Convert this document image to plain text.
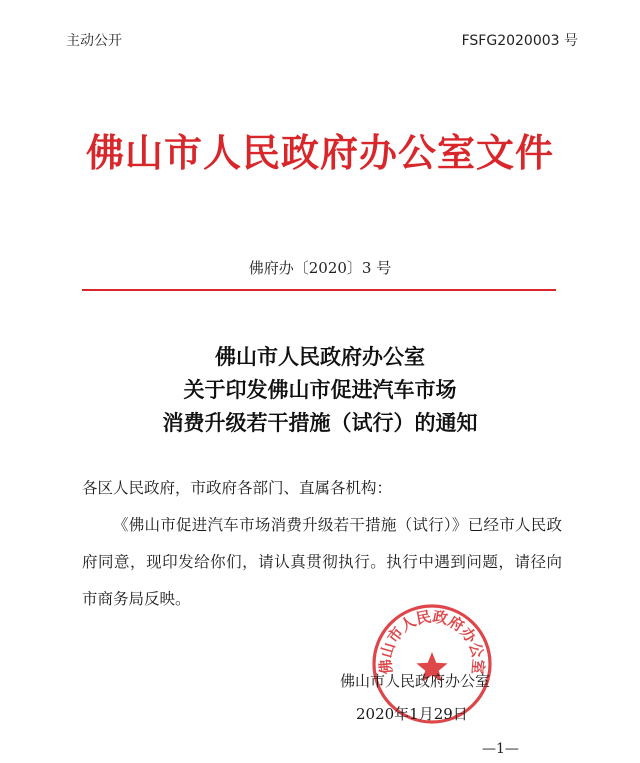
主动公开	FSFG2020003 号
佛山市人民政府办公室文件
佛府办〔2020〕3 号
佛山市人民政府办公室
关于印发佛山市促进汽车市场
消费升级若干措施（试行）的通知
各区人民政府，市政府各部门、直属各机构：
《佛山市促进汽车市场消费升级若干措施（试行）》已经市人民政府同意，现印发给你们，请认真贯彻执行。执行中遇到问题，请径向市商务局反映。
佛山市人民政府办公室
佛山市人民政府办公室
2020年1月29日
—1—
